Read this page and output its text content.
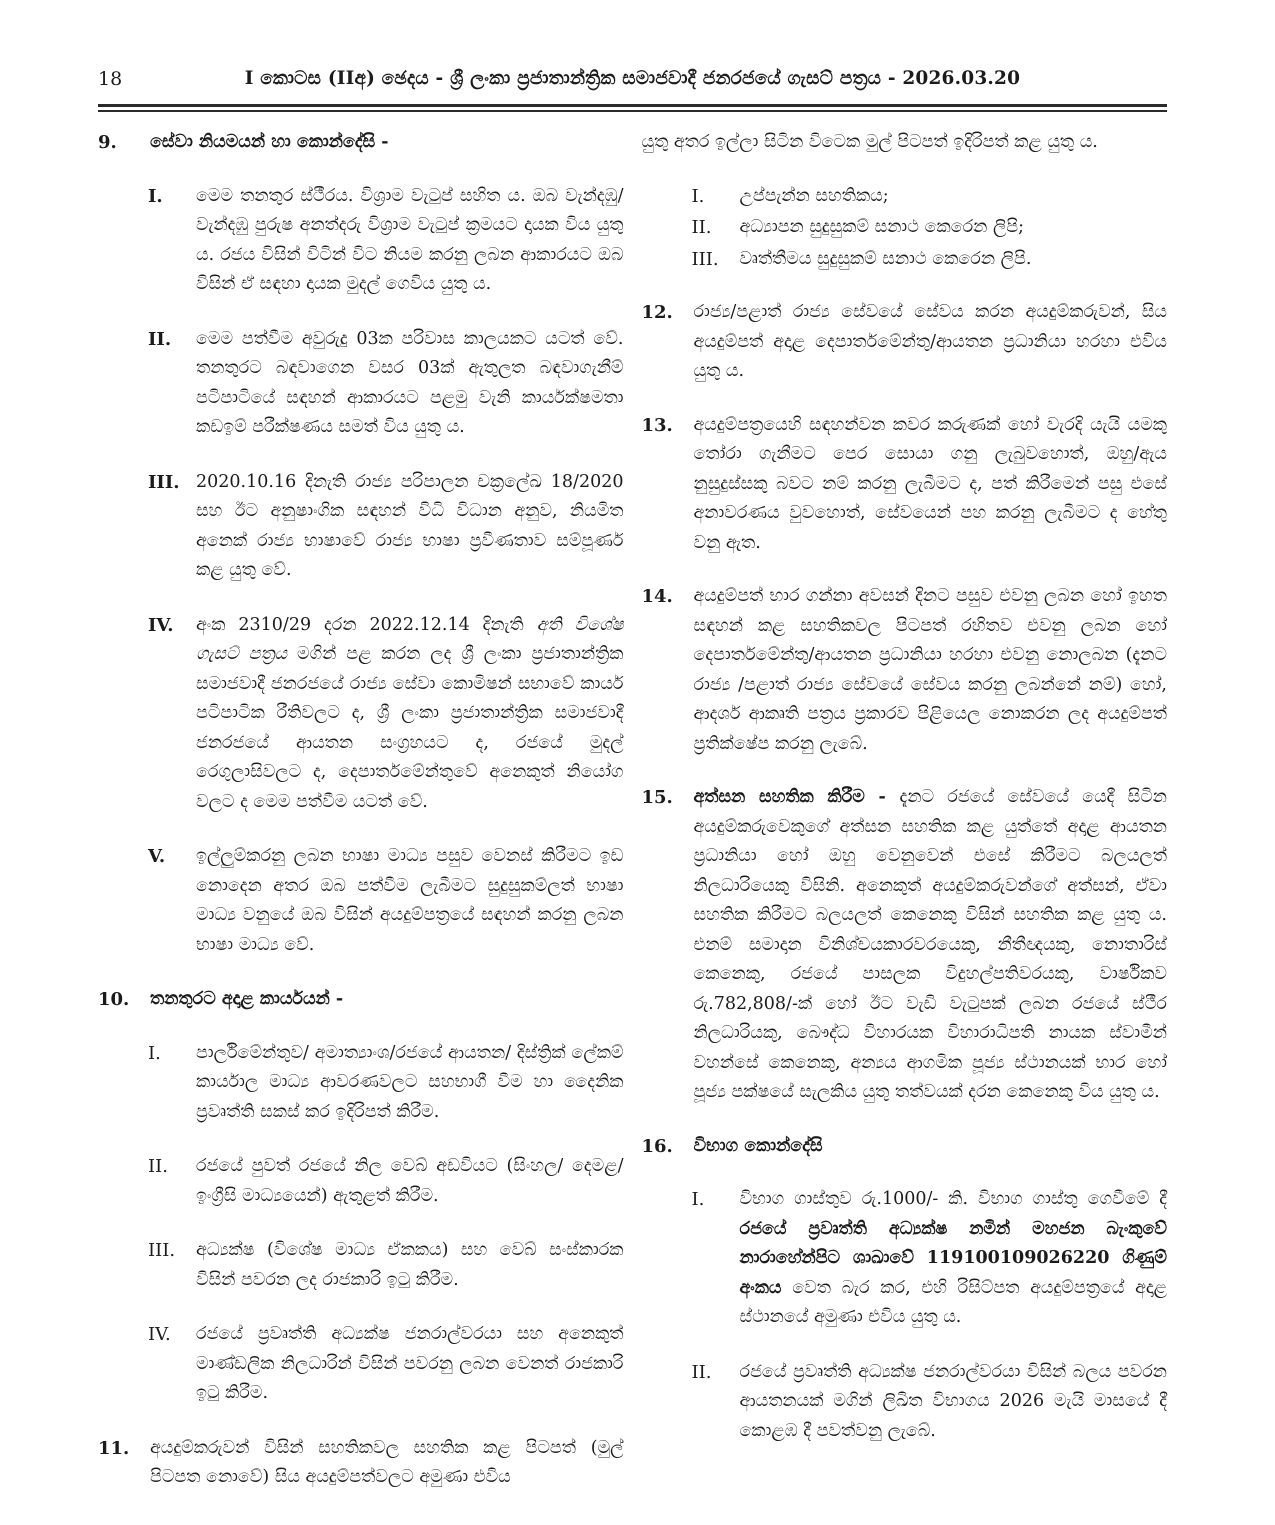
18	I කොටස (IIඅ) ඡෙදය - ශ්‍රී ලංකා ප්‍රජාතාන්ත්‍රික සමාජවාදී ජනරජයේ ගැසට් පත්‍රය - 2026.03.20
9.	සේවා නියමයන් හා කොන්දේසි -
I.	මෙම තනතුර ස්ථීරය. විශ්‍රාම වැටුප් සහිත ය. ඔබ වැන්දඹු/වැන්දඹු පුරුෂ අනත්දරු විශ්‍රාම වැටුප් ක්‍රමයට දායක විය යුතු ය. රජය විසින් විටින් විට නියම කරනු ලබන ආකාරයට ඔබ විසින් ඒ සඳහා දායක මුදල් ගෙවිය යුතු ය.
II.	මෙම පත්වීම අවුරුදු 03ක පරිවාස කාලයකට යටත් වේ. තනතුරට බඳවාගෙන වසර 03ක් ඇතුලත බඳවාගැනීම් පටිපාටියේ සඳහන් ආකාරයට පළමු වැනි කාර්යක්ෂමතා කඩඉම් පරීක්ෂණය සමත් විය යුතු ය.
III. 2020.10.16 දිනැති රාජ්‍ය පරිපාලන චක්‍රලේඛ 18/2020 සහ ඊට අනුෂාංගික සඳහන් විධි විධාන අනුව, නියමිත අනෙක් රාජ්‍ය භාෂාවේ රාජ්‍ය භාෂා ප්‍රවීණතාව සම්පූර්ණ කළ යුතු වේ.
IV.	අංක 2310/29 දරන 2022.12.14 දිනැති අති විශේෂ ගැසට් පත්‍රය මගින් පළ කරන ලද ශ්‍රී ලංකා ප්‍රජාතාන්ත්‍රික සමාජවාදී ජනරජයේ රාජ්‍ය සේවා කොමිෂන් සභාවේ කාර්ය පටිපාටික රීතිවලට ද, ශ්‍රී ලංකා ප්‍රජාතාන්ත්‍රික සමාජවාදී ජනරජයේ ආයතන සංග්‍රහයට ද, රජයේ මුදල් රෙගුලාසිවලට ද, දෙපාර්තමේන්තුවේ අනෙකුත් නියෝග වලට ද මෙම පත්වීම යටත් වේ.
V.	ඉල්ලුම්කරනු ලබන භාෂා මාධ්‍ය පසුව වෙනස් කිරීමට ඉඩ නොදෙන අතර ඔබ පත්වීම ලැබීමට සුදුසුකම්ලත් භාෂා මාධ්‍ය වනුයේ ඔබ විසින් අයදුම්පත්‍රයේ සඳහන් කරනු ලබන භාෂා මාධ්‍ය වේ.
10.	තනතුරට අදාළ කාර්යයන් -
I.	පාර්ලිමේන්තුව/ අමාත්‍යාංශ/රජයේ ආයතන/ දිස්ත්‍රික් ලේකම් කාර්යාල මාධ්‍ය ආවරණවලට සහභාගී වීම හා දෛනික ප්‍රවෘත්ති සකස් කර ඉදිරිපත් කිරීම.
II.	රජයේ පුවත් රජයේ නිල වෙබ් අඩවියට (සිංහල/ දෙමළ/ඉංග්‍රීසි මාධ්‍යයෙන්) ඇතුළත් කිරීම.
III.	අධ්‍යක්ෂ (විශේෂ මාධ්‍ය ඒකකය) සහ වෙබ් සංස්කාරක විසින් පවරන ලද රාජකාරි ඉටු කිරීම.
IV.	රජයේ ප්‍රවෘත්ති අධ්‍යක්ෂ ජනරාල්වරයා සහ අනෙකුත් මාණ්ඩලික නිලධාරින් විසින් පවරනු ලබන වෙනත් රාජකාරි ඉටු කිරීම.
11.	අයදුම්කරුවන් විසින් සහතිකවල සහතික කළ පිටපත් (මුල් පිටපත නොවේ) සිය අයදුම්පත්වලට අමුණා එවිය
යුතු අතර ඉල්ලා සිටින විටෙක මුල් පිටපත් ඉදිරිපත් කළ යුතු ය.
I.	උප්පැන්න සහතිකය;
II.	අධ්‍යාපන සුදුසුකම් සනාථ කෙරෙන ලිපි;
III.	වෘත්තීමය සුදුසුකම් සනාථ කෙරෙන ලිපි.
12.	රාජ්‍ය/පළාත් රාජ්‍ය සේවයේ සේවය කරන අයදුම්කරුවන්, සිය අයදුම්පත් අදාළ දෙපාර්තමේන්තු/ආයතන ප්‍රධානියා හරහා එවිය යුතු ය.
13.	අයදුම්පත්‍රයෙහි සඳහන්වන කවර කරුණක් හෝ වැරදි යැයි යමකු තෝරා ගැනීමට පෙර සොයා ගනු ලැබුවහොත්, ඔහු/ඇය නුසුදුස්සකු බවට නම් කරනු ලැබීමට ද, පත් කිරීමෙන් පසු එසේ අනාවරණය වුවහොත්, සේවයෙන් පහ කරනු ලැබීමට ද හේතු වනු ඇත.
14.	අයදුම්පත් භාර ගන්නා අවසන් දිනට පසුව එවනු ලබන හෝ ඉහත සඳහන් කළ සහතිකවල පිටපත් රහිතව එවනු ලබන හෝ දෙපාර්තමේන්තු/ආයතන ප්‍රධානියා හරහා එවනු නොලබන (දැනට රාජ්‍ය /පළාත් රාජ්‍ය සේවයේ සේවය කරනු ලබන්නේ නම්) හෝ, ආදර්ශ ආකෘති පත්‍රය ප්‍රකාරව පිළියෙල නොකරන ලද අයදුම්පත් ප්‍රතික්ෂේප කරනු ලැබේ.
15.	අත්සන සහතික කිරීම - දැනට රජයේ සේවයේ යෙදී සිටින අයදුම්කරුවෙකුගේ අත්සන සහතික කළ යුත්තේ අදාළ ආයතන ප්‍රධානියා හෝ ඔහු වෙනුවෙන් එසේ කිරීමට බලයලත් නිලධාරියෙකු විසිනි. අනෙකුත් අයදුම්කරුවන්ගේ අත්සන්, ඒවා සහතික කිරීමට බලයලත් කෙනෙකු විසින් සහතික කළ යුතු ය. එනම් සමාදාන විනිශ්චයකාරවරයෙකු, නීතීඥයකු, නොතාරිස් කෙනෙකු, රජයේ පාසලක විදුහල්පතිවරයකු, වාර්ෂිකව රු.782,808/-ක් හෝ ඊට වැඩි වැටුපක් ලබන රජයේ ස්ථීර නිලධාරියකු, බෞද්ධ විහාරයක විහාරාධිපති නායක ස්වාමීන් වහන්සේ කෙනෙකු, අන්‍යය ආගමික පූජ්‍ය ස්ථානයක් භාර හෝ පූජ්‍ය පක්ෂයේ සැලකිය යුතු තත්වයක් දරන කෙනෙකු විය යුතු ය.
16.	විභාග කොන්දේසි
I.	විභාග ගාස්තුව රු.1000/- කි. විභාග ගාස්තු ගෙවීමේ දී රජයේ ප්‍රවෘත්ති අධ්‍යක්ෂ නමින් මහජන බැංකුවේ නාරාහේන්පිට ශාඛාවේ 119100109026220 ගිණුම් අංකය වෙත බැර කර, එහි රිසිට්පත අයදුම්පත්‍රයේ අදාළ ස්ථානයේ අමුණා එවිය යුතු ය.
II.	රජයේ ප්‍රවෘත්ති අධ්‍යක්ෂ ජනරාල්වරයා විසින් බලය පවරන ආයතනයක් මගින් ලිඛිත විභාගය 2026 මැයි මාසයේ දී කොළඹ දී පවත්වනු ලැබේ.
